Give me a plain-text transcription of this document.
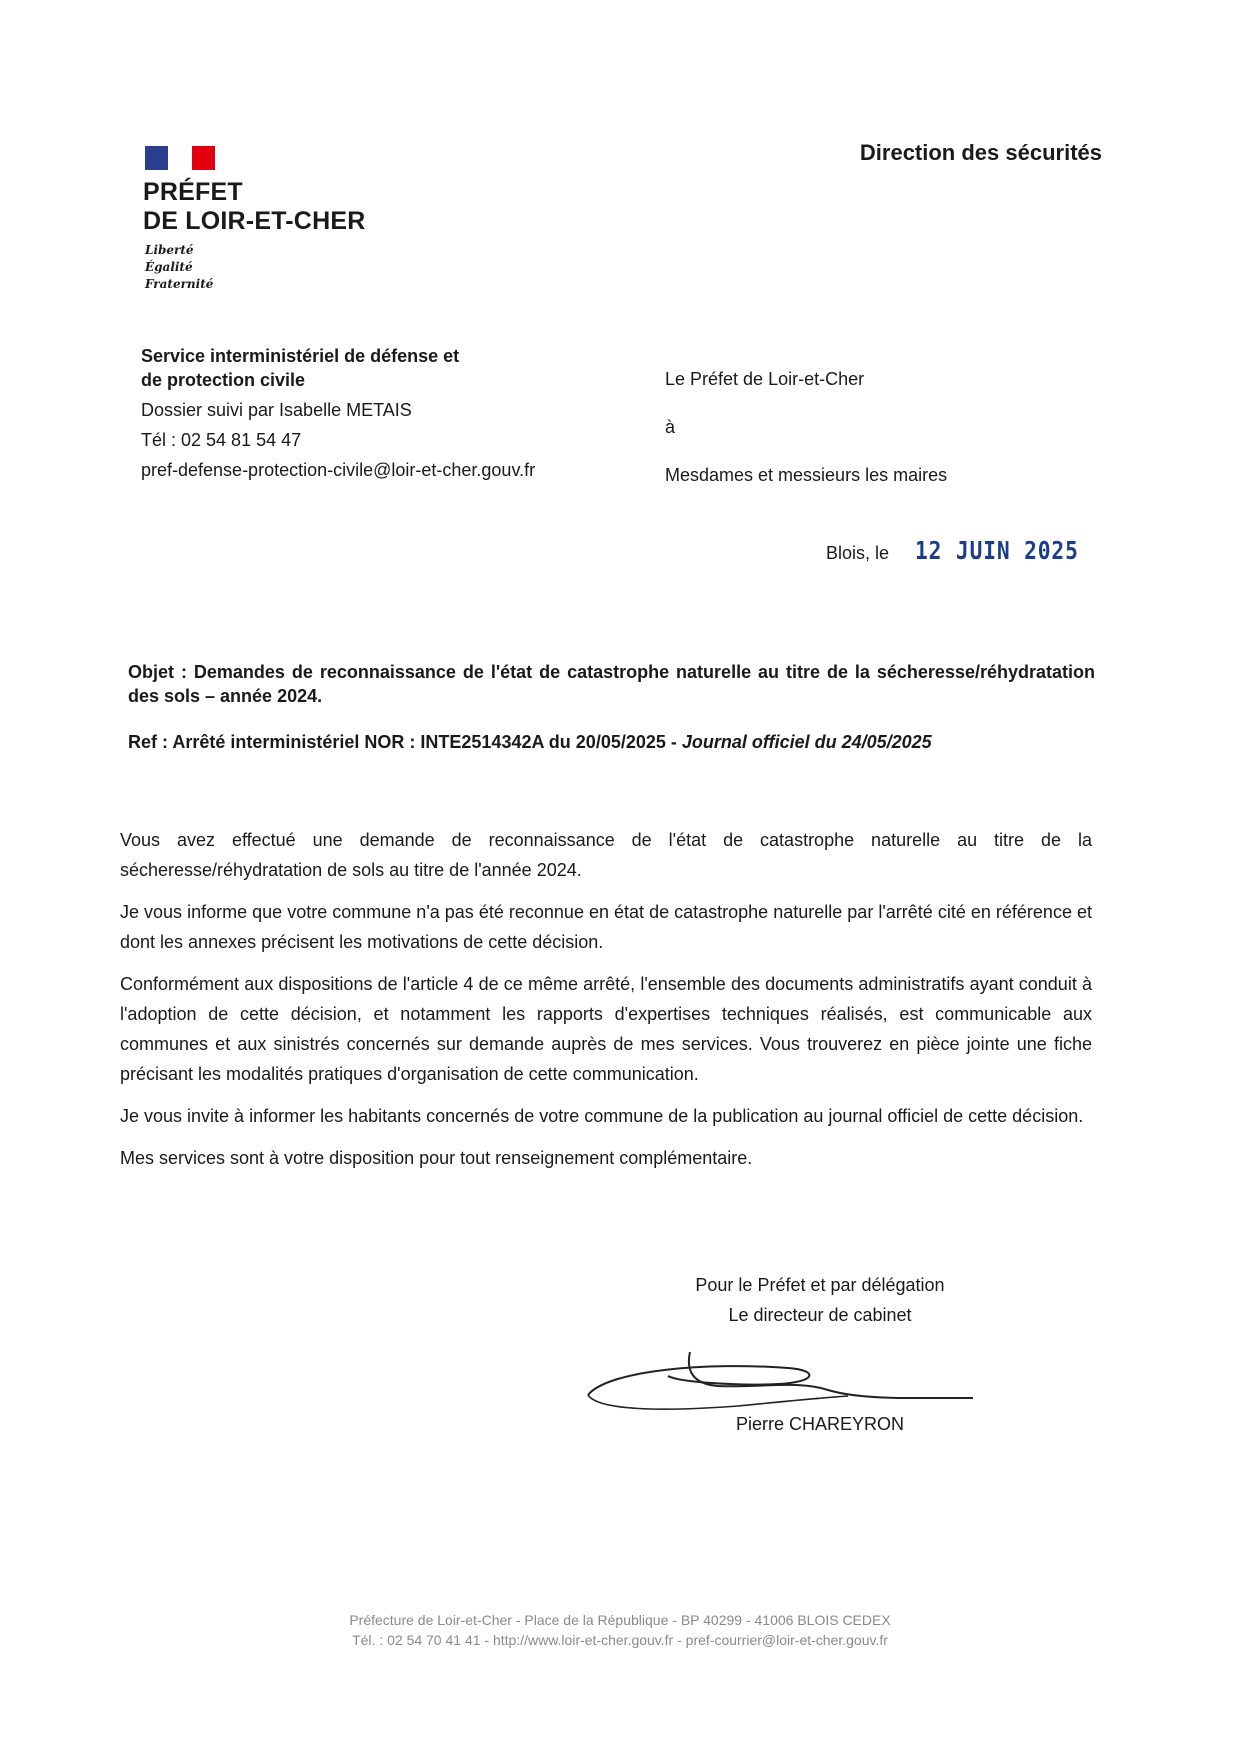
PRÉFET
DE LOIR-ET-CHER
Liberté
Égalité
Fraternité
Direction des sécurités
Service interministériel de défense et
de protection civile
Dossier suivi par Isabelle METAIS
Tél : 02 54 81 54 47
pref-defense-protection-civile@loir-et-cher.gouv.fr
Le Préfet de Loir-et-Cher
à
Mesdames et messieurs les maires
Blois, le 12 JUIN 2025
Objet : Demandes de reconnaissance de l'état de catastrophe naturelle au titre de la sécheresse/réhydratation des sols – année 2024.
Ref : Arrêté interministériel NOR : INTE2514342A du 20/05/2025 - Journal officiel du 24/05/2025

Vous avez effectué une demande de reconnaissance de l'état de catastrophe naturelle au titre de la sécheresse/réhydratation de sols au titre de l'année 2024.

Je vous informe que votre commune n'a pas été reconnue en état de catastrophe naturelle par l'arrêté cité en référence et dont les annexes précisent les motivations de cette décision.

Conformément aux dispositions de l'article 4 de ce même arrêté, l'ensemble des documents administratifs ayant conduit à l'adoption de cette décision, et notamment les rapports d'expertises techniques réalisés, est communicable aux communes et aux sinistrés concernés sur demande auprès de mes services. Vous trouverez en pièce jointe une fiche précisant les modalités pratiques d'organisation de cette communication.

Je vous invite à informer les habitants concernés de votre commune de la publication au journal officiel de cette décision.

Mes services sont à votre disposition pour tout renseignement complémentaire.

Pour le Préfet et par délégation
Le directeur de cabinet
Pierre CHAREYRON
Préfecture de Loir-et-Cher - Place de la République - BP 40299 - 41006 BLOIS CEDEX
Tél. : 02 54 70 41 41 - http://www.loir-et-cher.gouv.fr - pref-courrier@loir-et-cher.gouv.fr
